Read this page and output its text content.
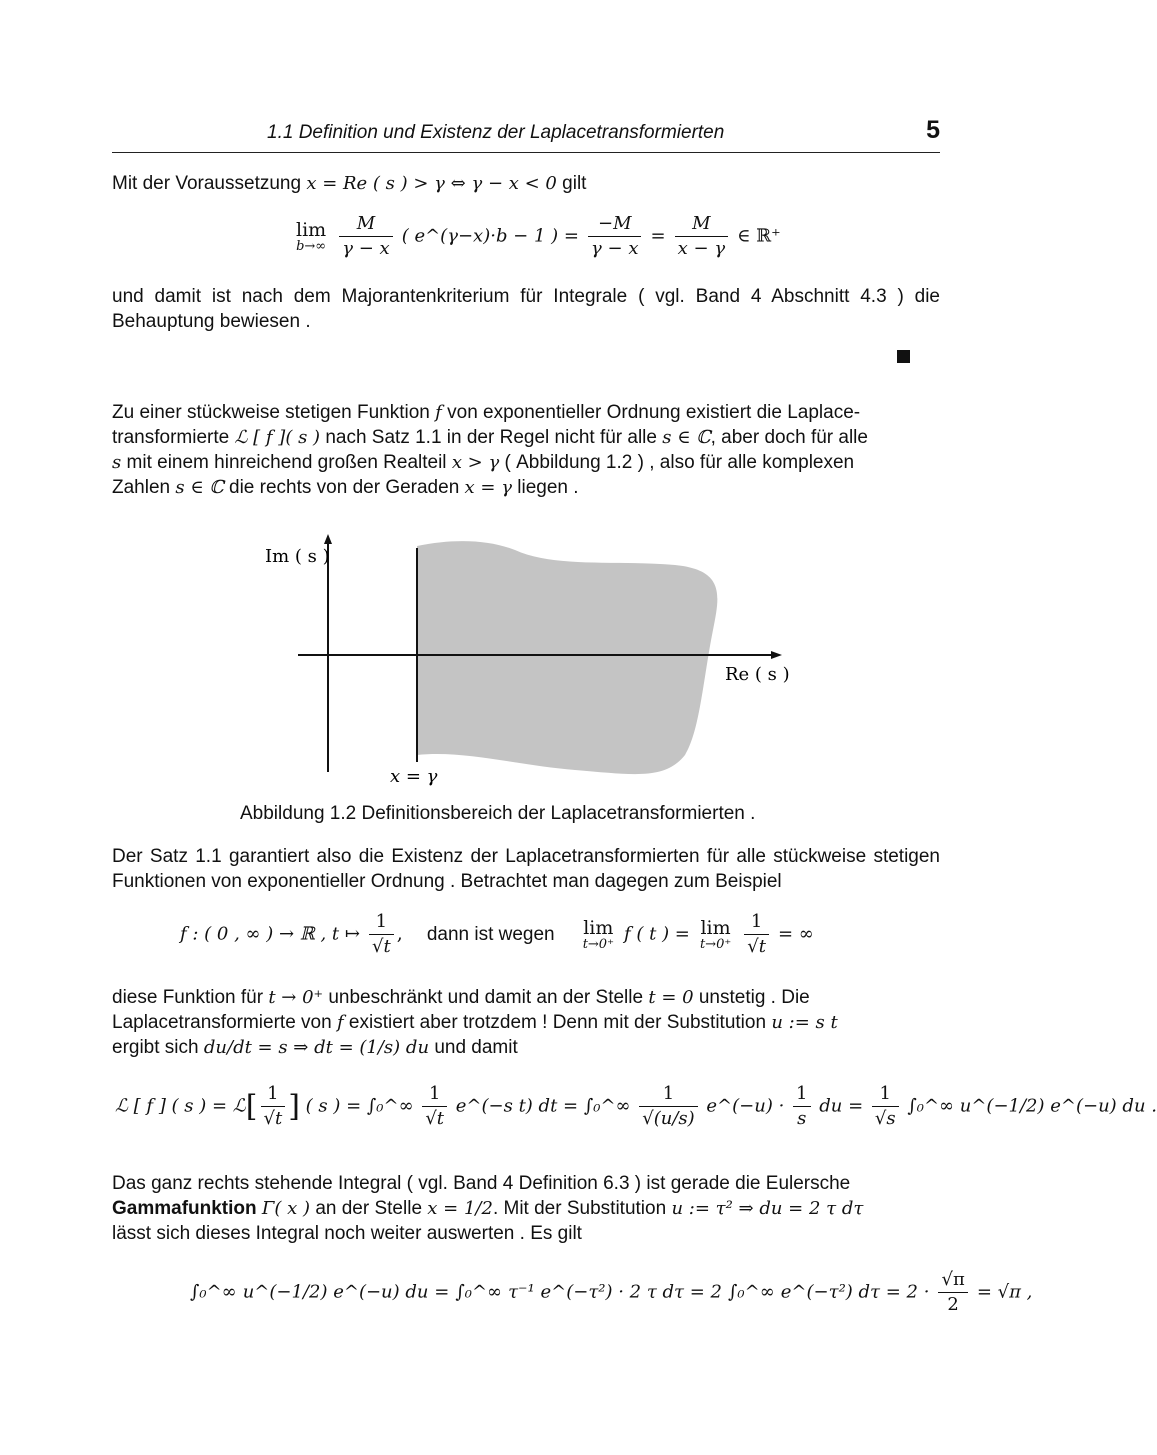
1.1 Definition und Existenz der Laplacetransformierten	5
Mit der Voraussetzung x = Re ( s ) > γ ⇔ γ − x < 0 gilt
lim
b→∞
$\frac{M}{\gamma - x}$ ( e^(γ−x)·b − 1 ) = $\frac{-M}{\gamma - x} = \frac{M}{x - \gamma}$ ∈ ℝ⁺
und damit ist nach dem Majorantenkriterium für Integrale ( vgl. Band 4 Abschnitt 4.3 ) die Behauptung bewiesen .
Zu einer stückweise stetigen Funktion f von exponentieller Ordnung existiert die Laplace-
transformierte ℒ [ f ]( s ) nach Satz 1.1 in der Regel nicht für alle s ∈ ℂ, aber doch für alle
s mit einem hinreichend großen Realteil x > γ ( Abbildung 1.2 ) , also für alle komplexen
Zahlen s ∈ ℂ die rechts von der Geraden x = γ liegen .
Im ( s )
Re ( s )
x = γ
Abbildung 1.2 Definitionsbereich der Laplacetransformierten .
Der Satz 1.1 garantiert also die Existenz der Laplacetransformierten für alle stückweise stetigen Funktionen von exponentieller Ordnung . Betrachtet man dagegen zum Beispiel
f : ( 0 , ∞ ) → ℝ , t ↦ $\frac{1}{√t}$ , dann ist wegen lim
t→0⁺ f ( t ) = lim
t→0⁺
$\frac{1}{√t}$ = ∞
diese Funktion für t → 0⁺ unbeschränkt und damit an der Stelle t = 0 unstetig . Die
Laplacetransformierte von f existiert aber trotzdem ! Denn mit der Substitution u := s t
ergibt sich du/dt = s ⇒ dt = (1/s) du und damit
ℒ [ f ] ( s ) = ℒ[ $\frac{1}{√t}$ ] ( s ) = ∫₀^∞ $\frac{1}{√t}$ e^(−s t) dt = ∫₀^∞ $\frac{1}{√(u/s)}$ e^(−u) · $\frac{1}{s}$ du = $\frac{1}{√s}$ ∫₀^∞ u^(−1/2) e^(−u) du .
Das ganz rechts stehende Integral ( vgl. Band 4 Definition 6.3 ) ist gerade die Eulersche
Gammafunktion Γ( x ) an der Stelle x = 1/2. Mit der Substitution u := τ² ⇒ du = 2 τ dτ
lässt sich dieses Integral noch weiter auswerten . Es gilt
∫₀^∞ u^(−1/2) e^(−u) du = ∫₀^∞ τ⁻¹ e^(−τ²) · 2 τ dτ = 2 ∫₀^∞ e^(−τ²) $d\tau = 2 \cdot \frac{√\pi}{2} = √\pi$ ,
